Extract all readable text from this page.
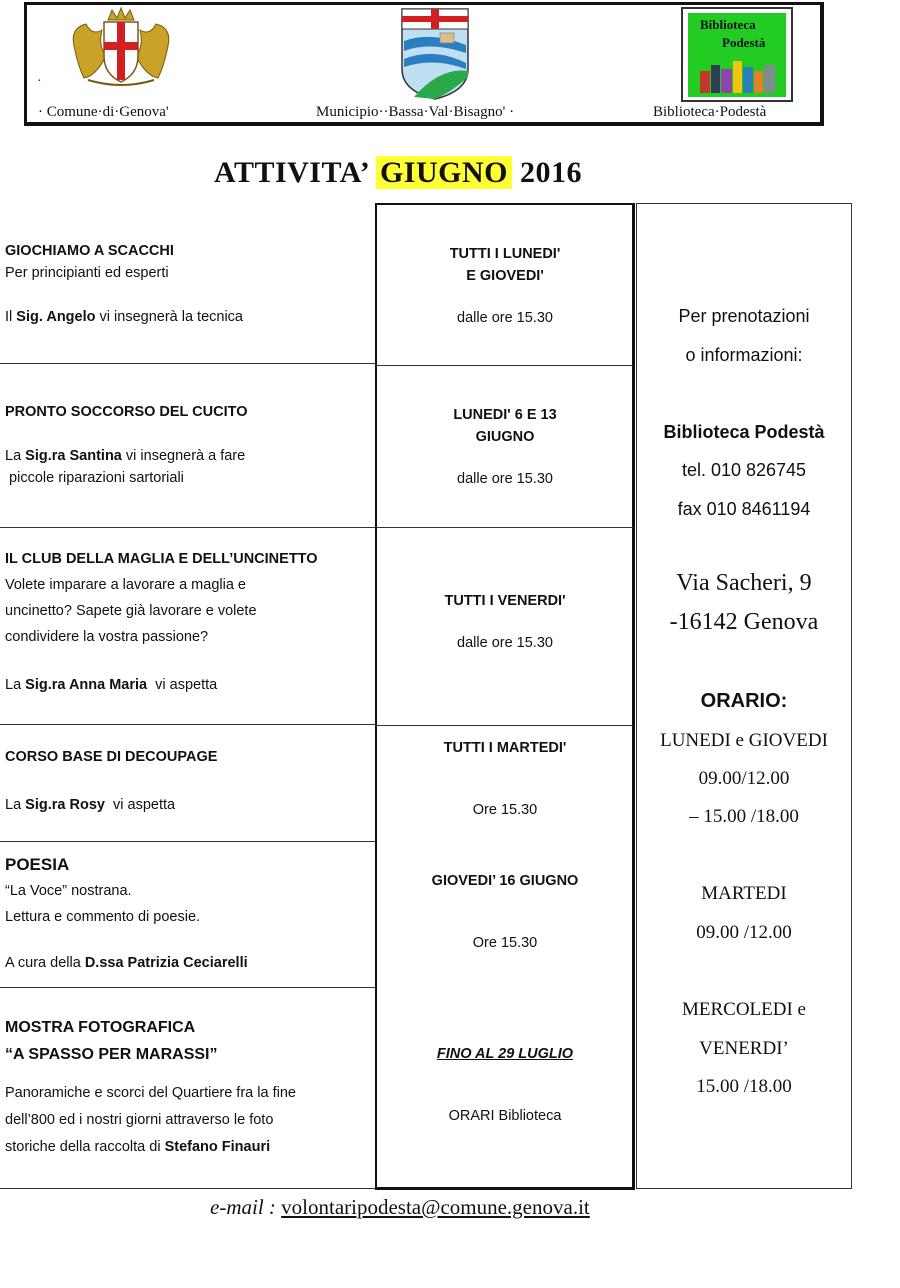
·
Biblioteca
Podestà
· Comune·di·Genova'	Municipio··Bassa·Val·Bisagno' ·	Biblioteca·Podestà
ATTIVITA’ GIUGNO 2016

GIOCHIAMO A SCACCHI

Per principianti ed esperti

Il Sig. Angelo vi insegnerà la tecnica

PRONTO SOCCORSO DEL CUCITO

La Sig.ra Santina vi insegnerà a fare

piccole riparazioni sartoriali

IL CLUB DELLA MAGLIA E DELL’UNCINETTO

Volete imparare a lavorare a maglia e

uncinetto? Sapete già lavorare e volete

condividere la vostra passione?

La Sig.ra Anna Maria  vi aspetta

CORSO BASE DI DECOUPAGE

La Sig.ra Rosy  vi aspetta

POESIA

“La Voce” nostrana.

Lettura e commento di poesie.

A cura della D.ssa Patrizia Ceciarelli

MOSTRA FOTOGRAFICA

“A SPASSO PER MARASSI”

Panoramiche e scorci del Quartiere fra la fine

dell’800 ed i nostri giorni attraverso le foto

storiche della raccolta di Stefano Finauri

TUTTI I LUNEDI'
E GIOVEDI'
dalle ore 15.30
LUNEDI' 6 E 13
GIUGNO
dalle ore 15.30
TUTTI I VENERDI'
dalle ore 15.30
TUTTI I MARTEDI'
Ore 15.30
GIOVEDI’ 16 GIUGNO
Ore 15.30
FINO AL 29 LUGLIO
ORARI Biblioteca
Per prenotazioni
o informazioni:
Biblioteca Podestà
tel. 010 826745
fax 010 8461194
Via Sacheri, 9
-16142 Genova
ORARIO:
LUNEDI e GIOVEDI
09.00/12.00
– 15.00 /18.00
MARTEDI
09.00 /12.00
MERCOLEDI e
VENERDI’
15.00 /18.00
e-mail : volontaripodesta@comune.genova.it
